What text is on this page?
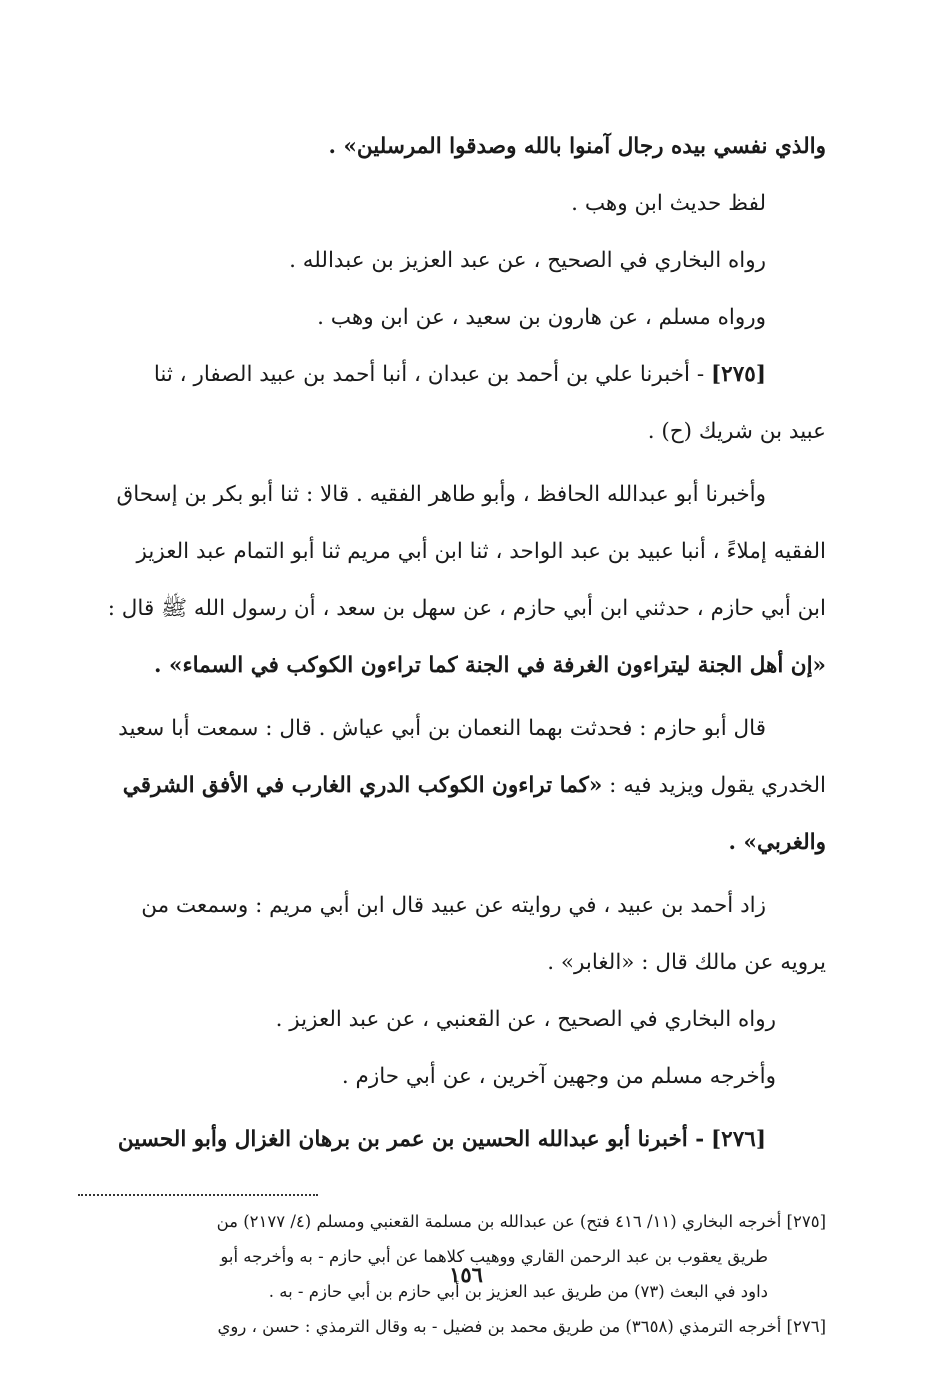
والذي نفسي بيده رجال آمنوا بالله وصدقوا المرسلين» .

لفظ حديث ابن وهب .

رواه البخاري في الصحيح ، عن عبد العزيز بن عبدالله .

ورواه مسلم ، عن هارون بن سعيد ، عن ابن وهب .

[٢٧٥] - أخبرنا علي بن أحمد بن عبدان ، أنبا أحمد بن عبيد الصفار ، ثنا

عبيد بن شريك (ح) .

وأخبرنا أبو عبدالله الحافظ ، وأبو طاهر الفقيه . قالا : ثنا أبو بكر بن إسحاق

الفقيه إملاءً ، أنبا عبيد بن عبد الواحد ، ثنا ابن أبي مريم ثنا أبو التمام عبد العزيز

ابن أبي حازم ، حدثني ابن أبي حازم ، عن سهل بن سعد ، أن رسول الله ﷺ قال :

«إن أهل الجنة ليتراءون الغرفة في الجنة كما تراءون الكوكب في السماء» .

قال أبو حازم : فحدثت بهما النعمان بن أبي عياش . قال : سمعت أبا سعيد

الخدري يقول ويزيد فيه : «كما تراءون الكوكب الدري الغارب في الأفق الشرقي

والغربي» .

زاد أحمد بن عبيد ، في روايته عن عبيد قال ابن أبي مريم : وسمعت من

يرويه عن مالك قال : «الغابر» .

رواه البخاري في الصحيح ، عن القعنبي ، عن عبد العزيز .

وأخرجه مسلم من وجهين آخرين ، عن أبي حازم .

[٢٧٦] - أخبرنا أبو عبدالله الحسين بن عمر بن برهان الغزال وأبو الحسين

[٢٧٥] أخرجه البخاري (١١/ ٤١٦ فتح) عن عبدالله بن مسلمة القعنبي ومسلم (٤/ ٢١٧٧) من

طريق يعقوب بن عبد الرحمن القاري ووهيب كلاهما عن أبي حازم - به وأخرجه أبو

داود في البعث (٧٣) من طريق عبد العزيز بن أبي حازم بن أبي حازم - به .

[٢٧٦] أخرجه الترمذي (٣٦٥٨) من طريق محمد بن فضيل - به وقال الترمذي : حسن ، روي

١٥٦
